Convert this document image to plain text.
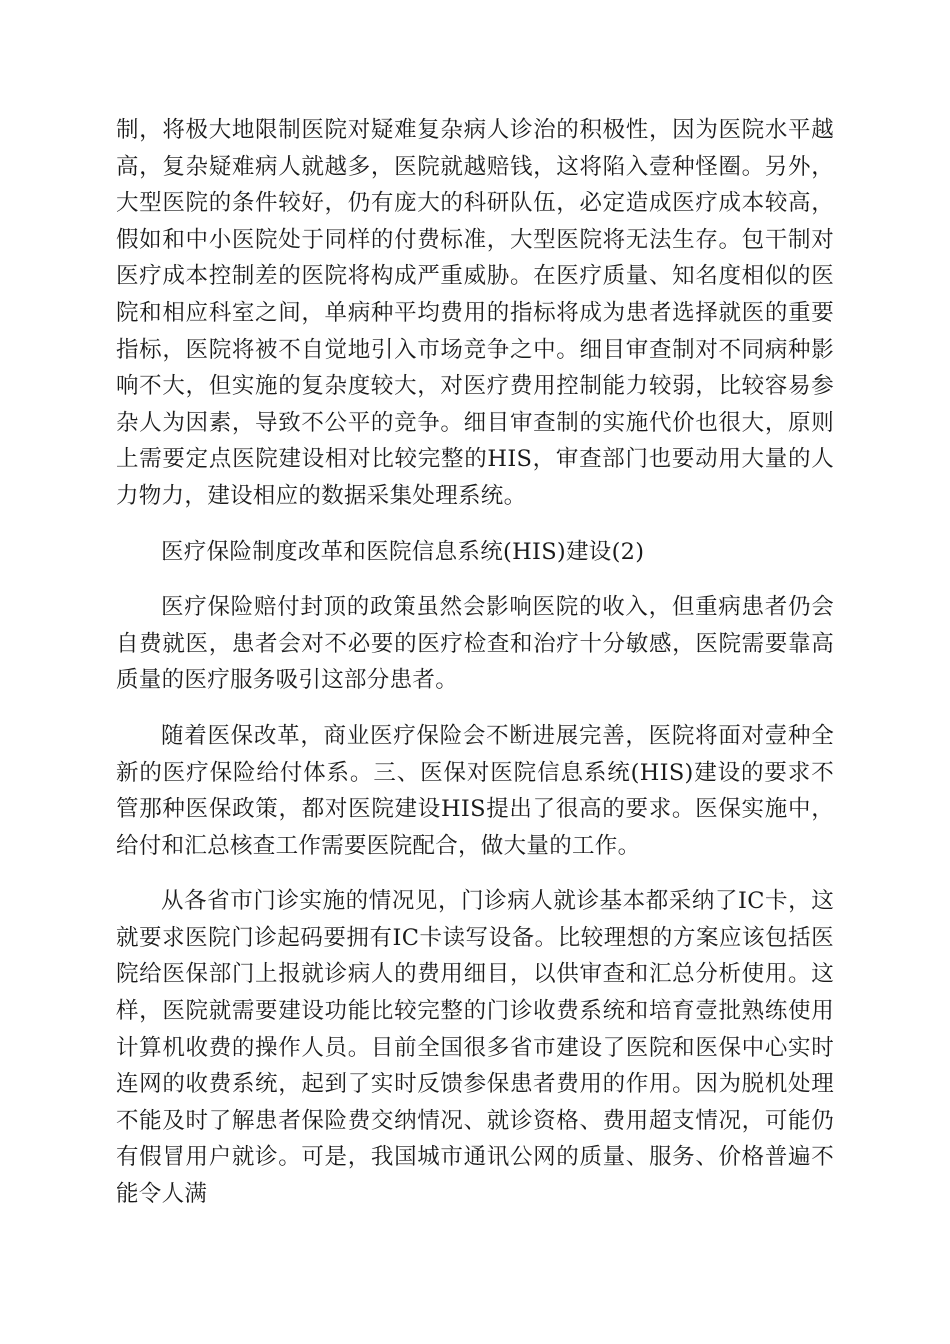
制，将极大地限制医院对疑难复杂病人诊治的积极性，因为医院水平越高，复杂疑难病人就越多，医院就越赔钱，这将陷入壹种怪圈。另外，大型医院的条件较好，仍有庞大的科研队伍，必定造成医疗成本较高，假如和中小医院处于同样的付费标准，大型医院将无法生存。包干制对医疗成本控制差的医院将构成严重威胁。在医疗质量、知名度相似的医院和相应科室之间，单病种平均费用的指标将成为患者选择就医的重要指标，医院将被不自觉地引入市场竞争之中。细目审查制对不同病种影响不大，但实施的复杂度较大，对医疗费用控制能力较弱，比较容易参杂人为因素，导致不公平的竞争。细目审查制的实施代价也很大，原则上需要定点医院建设相对比较完整的HIS，审查部门也要动用大量的人力物力，建设相应的数据采集处理系统。

医疗保险制度改革和医院信息系统(HIS)建设(2)

医疗保险赔付封顶的政策虽然会影响医院的收入，但重病患者仍会自费就医，患者会对不必要的医疗检查和治疗十分敏感，医院需要靠高质量的医疗服务吸引这部分患者。

随着医保改革，商业医疗保险会不断进展完善，医院将面对壹种全新的医疗保险给付体系。三、医保对医院信息系统(HIS)建设的要求不管那种医保政策，都对医院建设HIS提出了很高的要求。医保实施中，给付和汇总核查工作需要医院配合，做大量的工作。

从各省市门诊实施的情况见，门诊病人就诊基本都采纳了IC卡，这就要求医院门诊起码要拥有IC卡读写设备。比较理想的方案应该包括医院给医保部门上报就诊病人的费用细目，以供审查和汇总分析使用。这样，医院就需要建设功能比较完整的门诊收费系统和培育壹批熟练使用计算机收费的操作人员。目前全国很多省市建设了医院和医保中心实时连网的收费系统，起到了实时反馈参保患者费用的作用。因为脱机处理不能及时了解患者保险费交纳情况、就诊资格、费用超支情况，可能仍有假冒用户就诊。可是，我国城市通讯公网的质量、服务、价格普遍不能令人满
